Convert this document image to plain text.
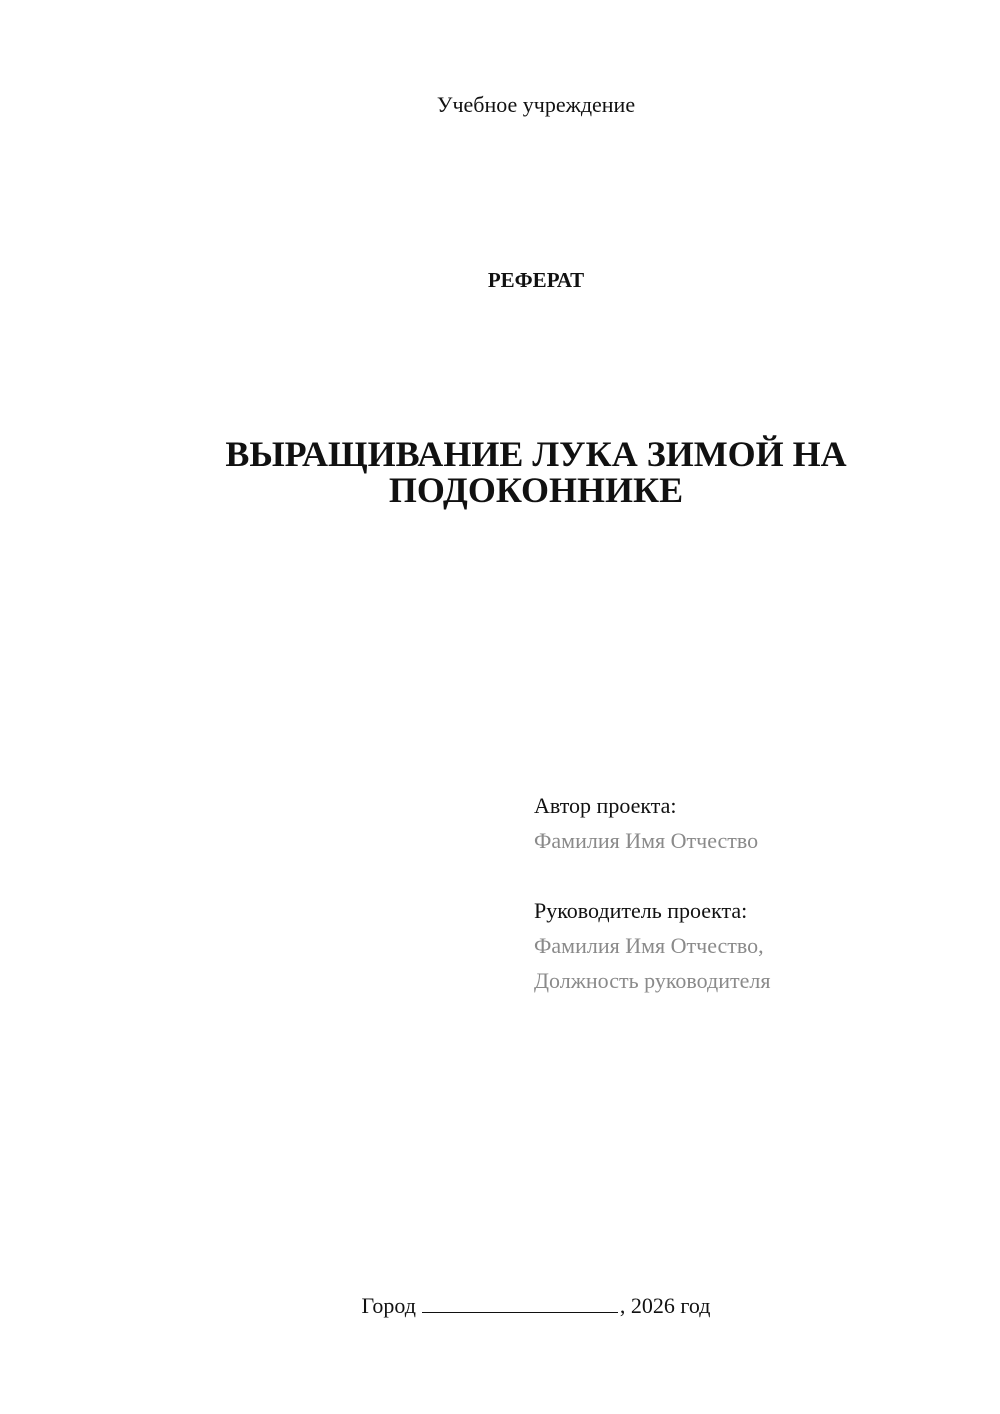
Учебное учреждение
РЕФЕРАТ
ВЫРАЩИВАНИЕ ЛУКА ЗИМОЙ НА
ПОДОКОННИКЕ
Автор проекта:
Фамилия Имя Отчество
Руководитель проекта:
Фамилия Имя Отчество,
Должность руководителя
Город	, 2026 год
